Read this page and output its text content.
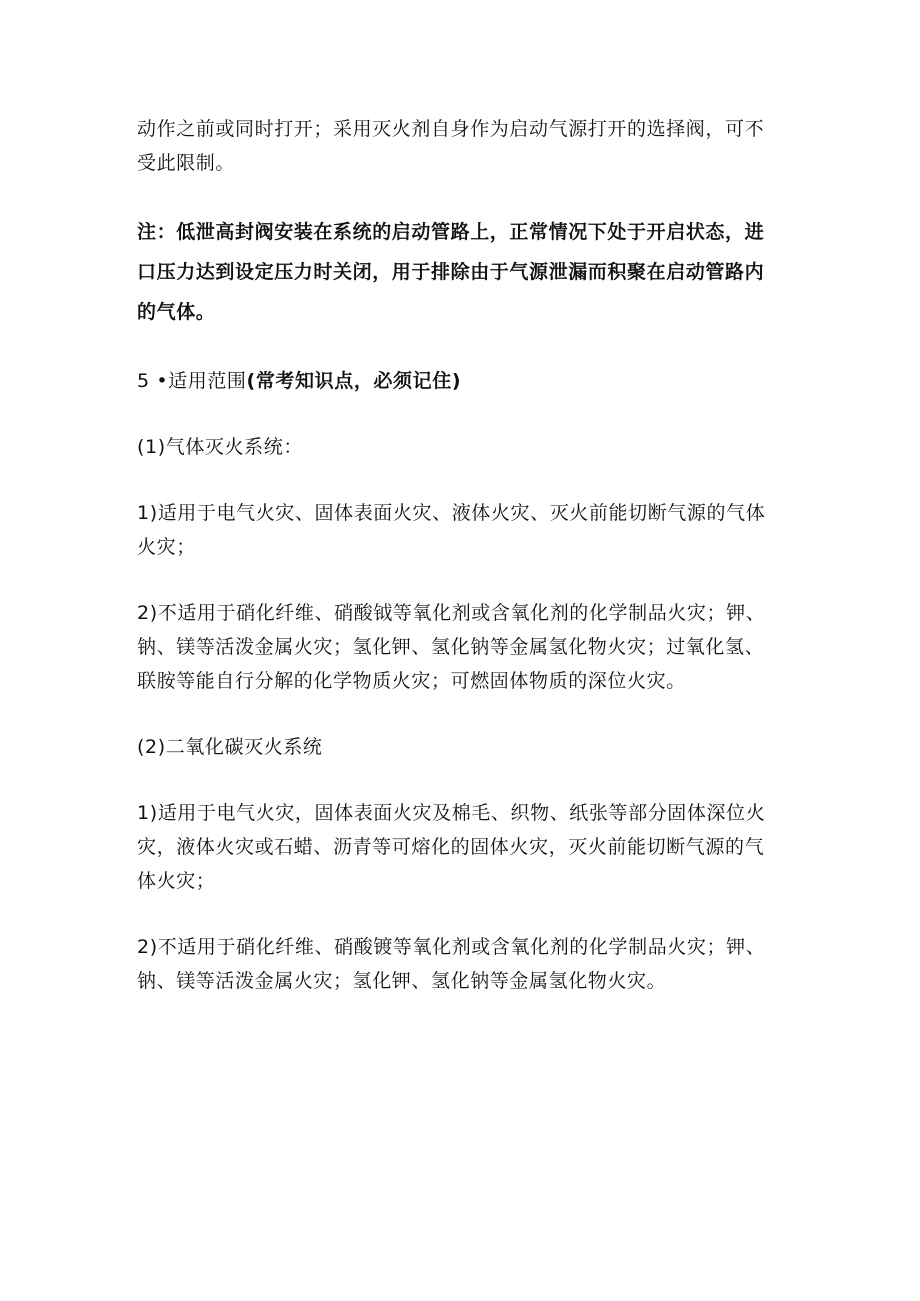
动作之前或同时打开；采用灭火剂自身作为启动气源打开的选择阀，可不
受此限制。
注：低泄高封阀安装在系统的启动管路上，正常情况下处于开启状态，进
口压力达到设定压力时关闭，用于排除由于气源泄漏而积聚在启动管路内
的气体。
5 •适用范围(常考知识点，必须记住)
(1)气体灭火系统：
1)适用于电气火灾、固体表面火灾、液体火灾、灭火前能切断气源的气体
火灾；
2)不适用于硝化纤维、硝酸钺等氧化剂或含氧化剂的化学制品火灾；钾、
钠、镁等活泼金属火灾；氢化钾、氢化钠等金属氢化物火灾；过氧化氢、
联胺等能自行分解的化学物质火灾；可燃固体物质的深位火灾。
(2)二氧化碳灭火系统
1)适用于电气火灾，固体表面火灾及棉毛、织物、纸张等部分固体深位火
灾，液体火灾或石蜡、沥青等可熔化的固体火灾，灭火前能切断气源的气
体火灾；
2)不适用于硝化纤维、硝酸镀等氧化剂或含氧化剂的化学制品火灾；钾、
钠、镁等活泼金属火灾；氢化钾、氢化钠等金属氢化物火灾。
